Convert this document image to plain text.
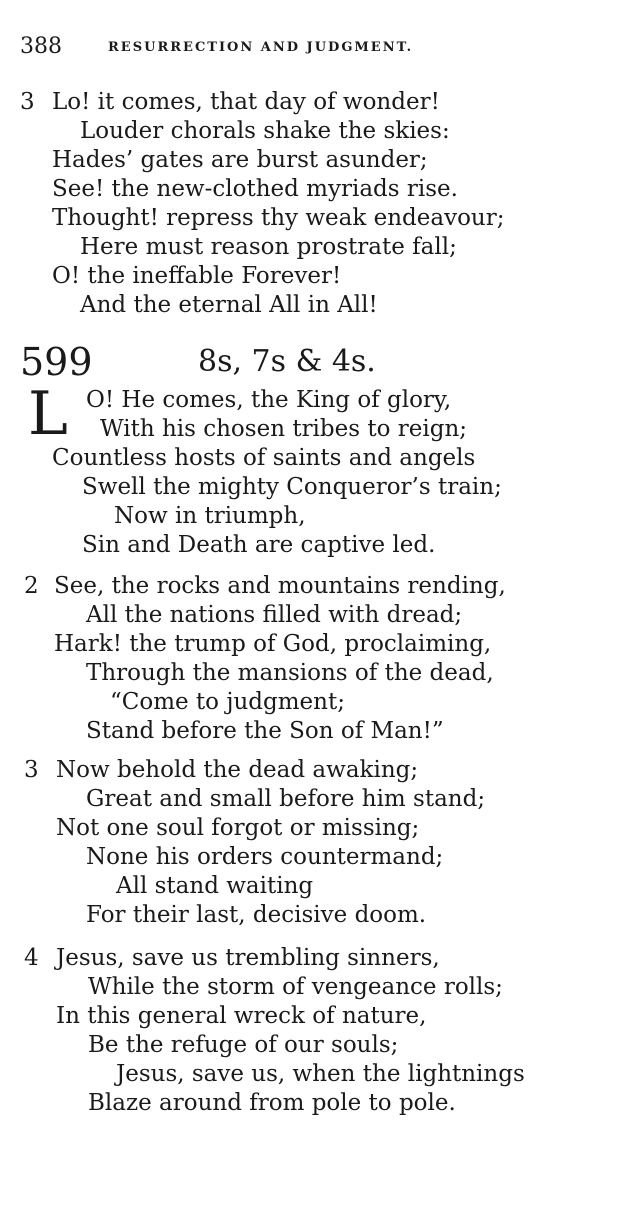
388	RESURRECTION AND JUDGMENT.
3 Lo! it comes, that day of wonder!
Louder chorals shake the skies:
Hades’ gates are burst asunder;
See! the new-clothed myriads rise.
Thought! repress thy weak endeavour;
Here must reason prostrate fall;
O! the ineffable Forever!
And the eternal All in All!
599	8s, 7s & 4s.
L O! He comes, the King of glory,
With his chosen tribes to reign;
Countless hosts of saints and angels
Swell the mighty Conqueror’s train;
Now in triumph,
Sin and Death are captive led.
2 See, the rocks and mountains rending,
All the nations filled with dread;
Hark! the trump of God, proclaiming,
Through the mansions of the dead,
“Come to judgment;
Stand before the Son of Man!”
3 Now behold the dead awaking;
Great and small before him stand;
Not one soul forgot or missing;
None his orders countermand;
All stand waiting
For their last, decisive doom.
4 Jesus, save us trembling sinners,
While the storm of vengeance rolls;
In this general wreck of nature,
Be the refuge of our souls;
Jesus, save us, when the lightnings
Blaze around from pole to pole.
